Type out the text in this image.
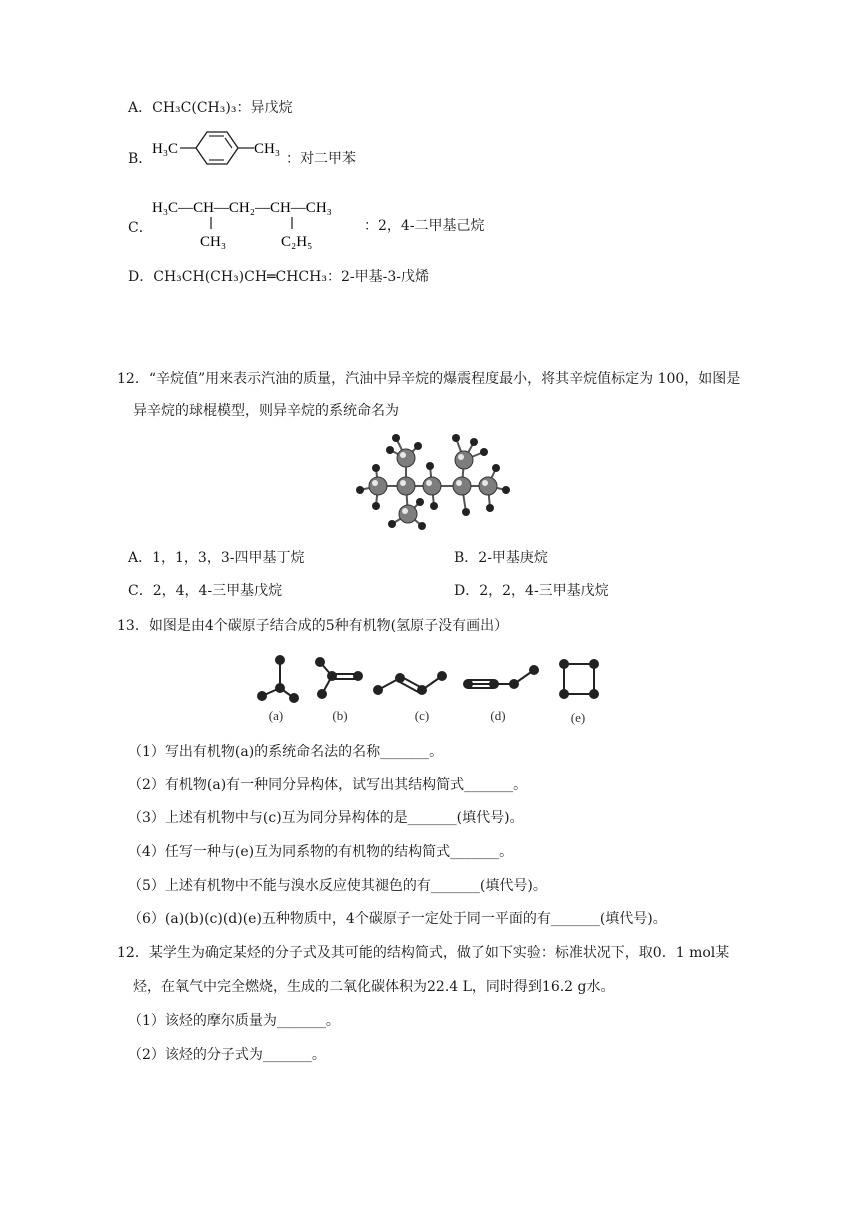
A．CH₃C(CH₃)₃：异戊烷
B．
H₃C	CH₃
：对二甲苯
C．
H₃C—CH—CH₂—CH—CH₃
CH₃	C₂H₅
：2，4-二甲基己烷
D．CH₃CH(CH₃)CH═CHCH₃：2-甲基-3-戊烯
12．“辛烷值”用来表示汽油的质量，汽油中异辛烷的爆震程度最小，将其辛烷值标定为 100，如图是
异辛烷的球棍模型，则异辛烷的系统命名为
A．1，1，3，3-四甲基丁烷	B．2-甲基庚烷
C．2，4，4-三甲基戊烷	D．2，2，4-三甲基戊烷
13．如图是由4个碳原子结合成的5种有机物(氢原子没有画出）
(a)	(b)	(c)	(d)	(e)
（1）写出有机物(a)的系统命名法的名称_______。
（2）有机物(a)有一种同分异构体，试写出其结构简式_______。
（3）上述有机物中与(c)互为同分异构体的是_______(填代号)。
（4）任写一种与(e)互为同系物的有机物的结构简式_______。
（5）上述有机物中不能与溴水反应使其褪色的有_______(填代号)。
（6）(a)(b)(c)(d)(e)五种物质中，4个碳原子一定处于同一平面的有_______(填代号)。
12．某学生为确定某烃的分子式及其可能的结构简式，做了如下实验：标准状况下，取0．1 mol某
烃，在氧气中完全燃烧，生成的二氧化碳体积为22.4 L，同时得到16.2 g水。
（1）该烃的摩尔质量为_______。
（2）该烃的分子式为_______。
